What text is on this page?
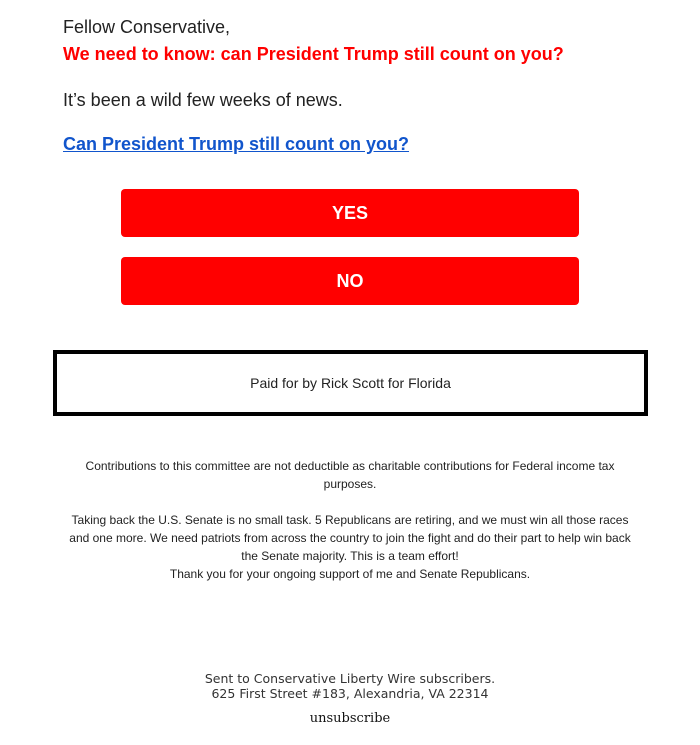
Fellow Conservative,
We need to know: can President Trump still count on you?
It’s been a wild few weeks of news.
Can President Trump still count on you?
YES
NO
Paid for by Rick Scott for Florida
Contributions to this committee are not deductible as charitable contributions for Federal income tax purposes.
Taking back the U.S. Senate is no small task. 5 Republicans are retiring, and we must win all those races and one more. We need patriots from across the country to join the fight and do their part to help win back the Senate majority. This is a team effort!
Thank you for your ongoing support of me and Senate Republicans.
Sent to Conservative Liberty Wire subscribers.
625 First Street #183, Alexandria, VA 22314
unsubscribe
